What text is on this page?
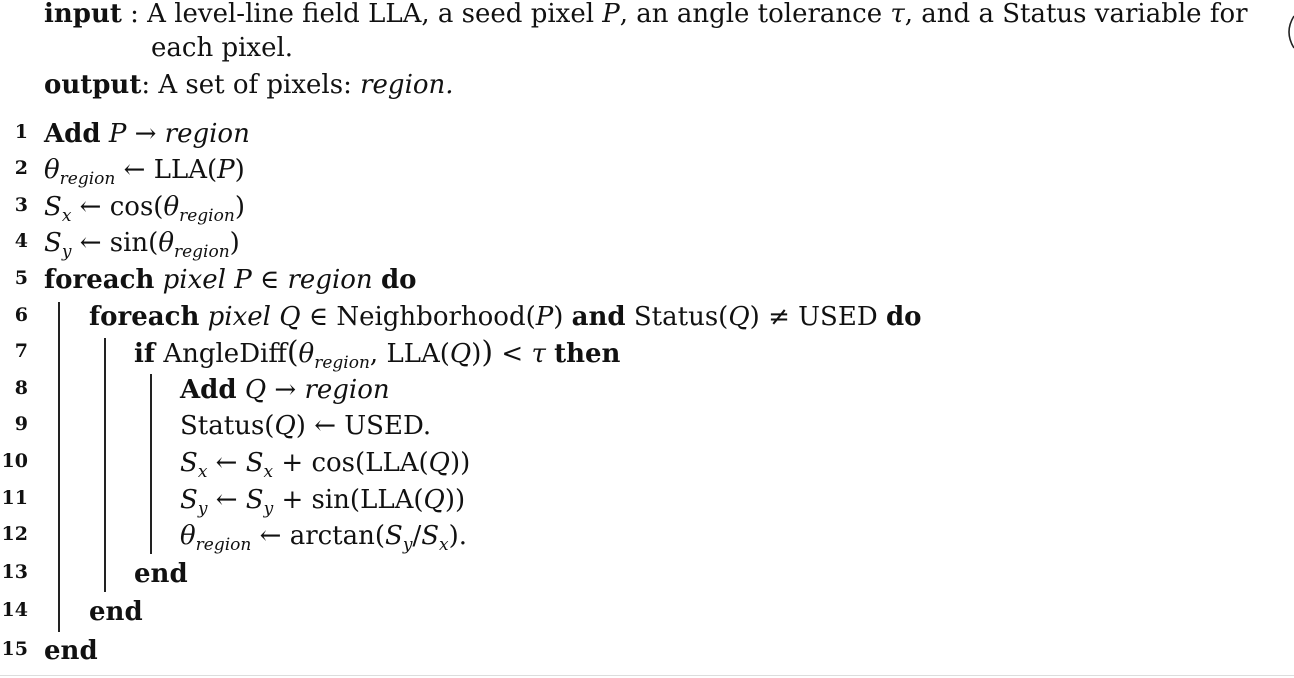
input : A level-line field LLA, a seed pixel P, an angle tolerance τ, and a Status variable for
each pixel.
output: A set of pixels: region.
1
2
3
4
5
6
7
8
9
10
11
12
13
14
15
Add P → region
$\theta_{region}$ ← LLA(P)
$S_x$ ← $\cos(\theta_{region})$
$S_y$ ← $\sin(\theta_{region})$
foreach pixel P ∈ region do
foreach pixel Q ∈ Neighborhood(P) and Status(Q) ≠ USED do
if $AngleDiff(\theta_{region}$, LLA(Q)) < τ then
Add Q → region
Status(Q) ← USED.
$S_x$ ← $S_x + \cos(LLA(Q))$
$S_y$ ← $S_y + \sin(LLA(Q))$
$\theta_{region}$ ← $\arctan(S_y/S_x)$.
end
end
end
